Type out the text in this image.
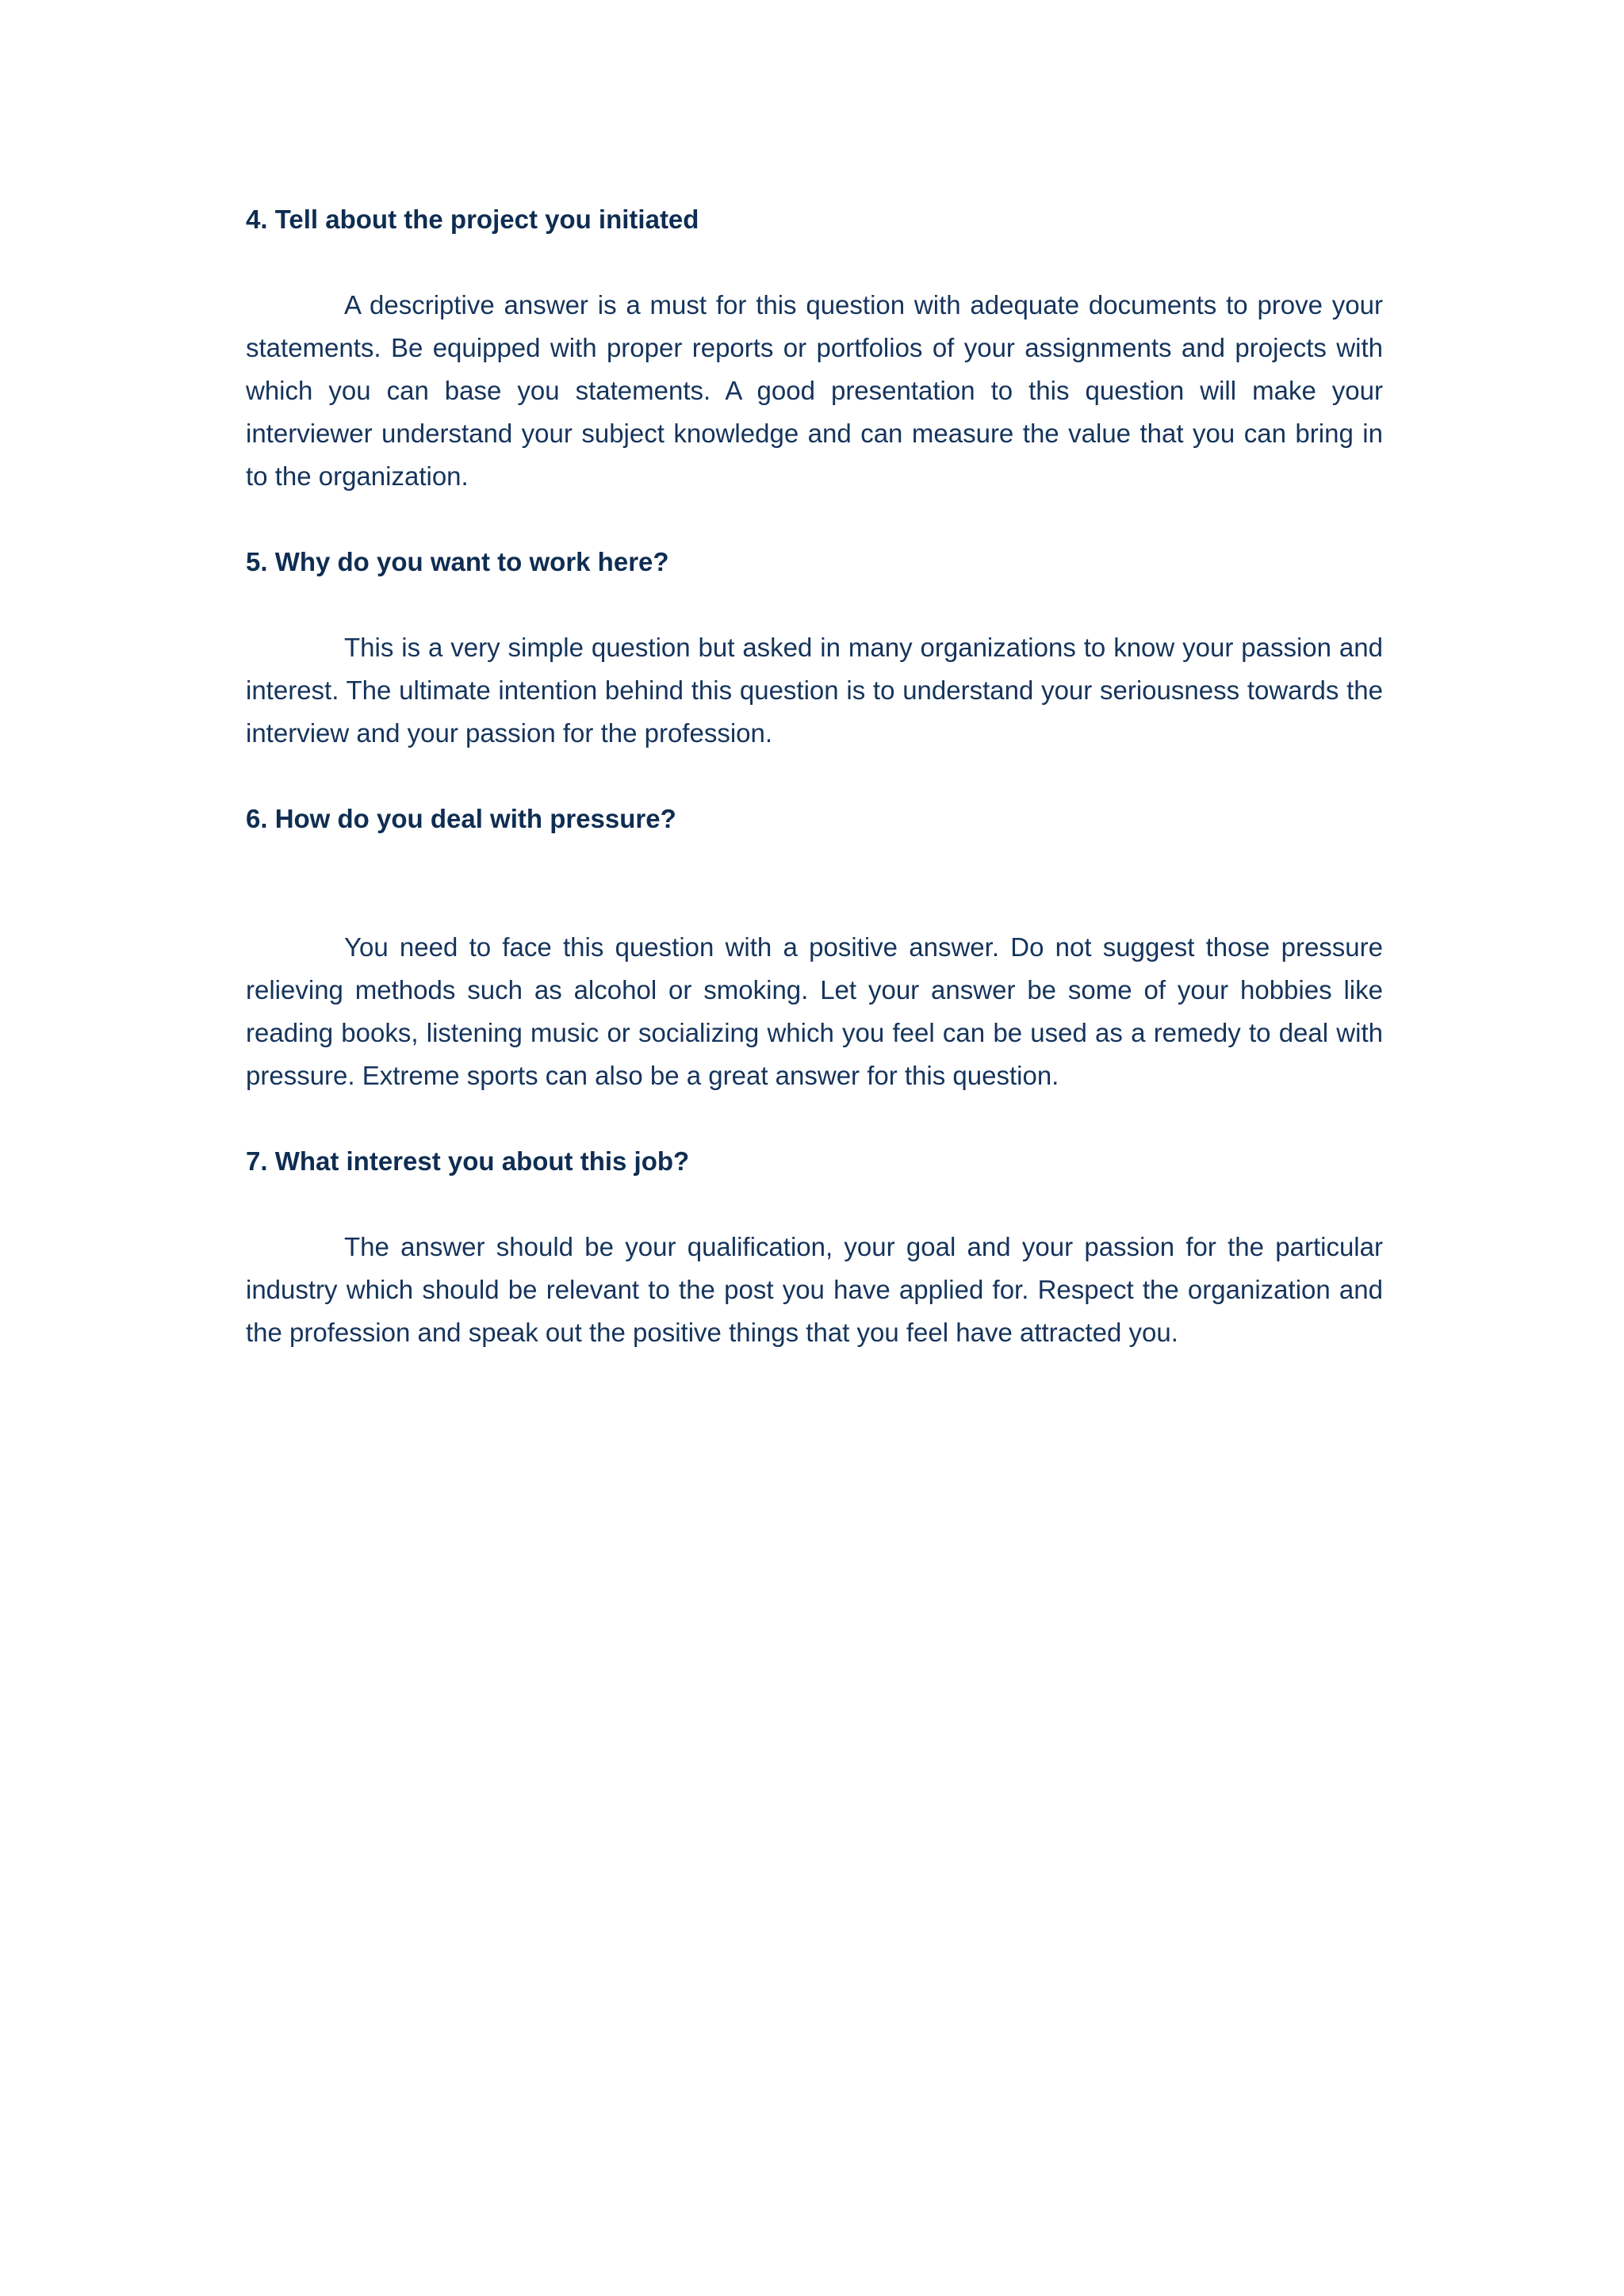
4. Tell about the project you initiated

A descriptive answer is a must for this question with adequate documents to prove your statements. Be equipped with proper reports or portfolios of your assignments and projects with which you can base you statements. A good presentation to this question will make your interviewer understand your subject knowledge and can measure the value that you can bring in to the organization.

5. Why do you want to work here?

This is a very simple question but asked in many organizations to know your passion and interest. The ultimate intention behind this question is to understand your seriousness towards the interview and your passion for the profession.

6. How do you deal with pressure?

You need to face this question with a positive answer. Do not suggest those pressure relieving methods such as alcohol or smoking. Let your answer be some of your hobbies like reading books, listening music or socializing which you feel can be used as a remedy to deal with pressure. Extreme sports can also be a great answer for this question.

7. What interest you about this job?

The answer should be your qualification, your goal and your passion for the particular industry which should be relevant to the post you have applied for. Respect the organization and the profession and speak out the positive things that you feel have attracted you.
